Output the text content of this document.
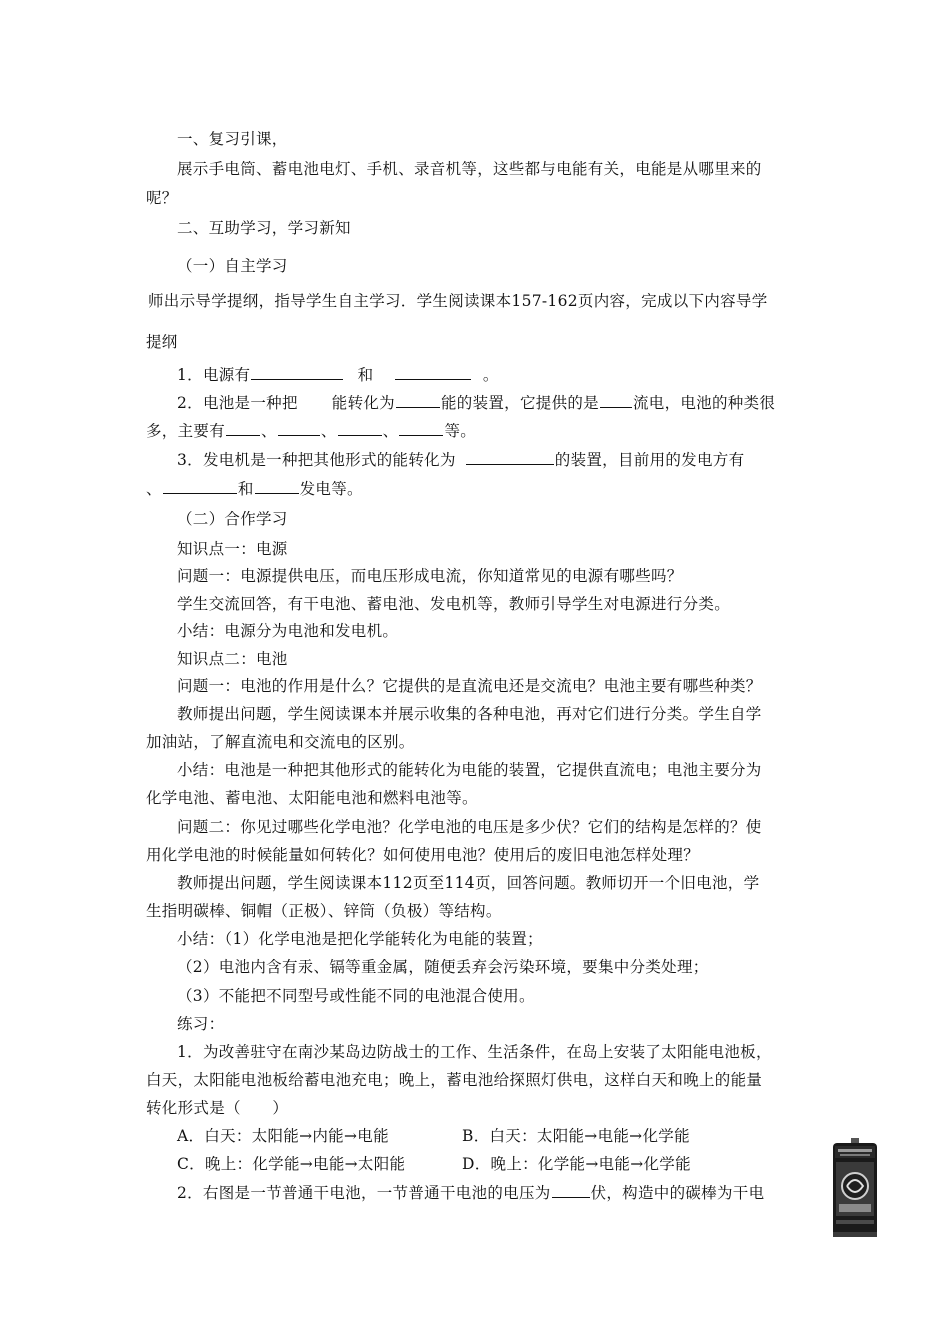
一、复习引课，
展示手电筒、蓄电池电灯、手机、录音机等，这些都与电能有关，电能是从哪里来的
呢？
二、互助学习，学习新知
（一）自主学习
师出示导学提纲，指导学生自主学习．学生阅读课本157-162页内容，完成以下内容导学
提纲
1．电源有	和	。
2．电池是一种把 能转化为	能的装置，它提供的是 流电，电池的种类很
多，主要有 、	、	、	等。
3．发电机是一种把其他形式的能转化为	的装置，目前用的发电方有
、	和	发电等。
（二）合作学习
知识点一：电源
问题一：电源提供电压，而电压形成电流，你知道常见的电源有哪些吗？
学生交流回答，有干电池、蓄电池、发电机等，教师引导学生对电源进行分类。
小结：电源分为电池和发电机。
知识点二：电池
问题一：电池的作用是什么？它提供的是直流电还是交流电？电池主要有哪些种类？
教师提出问题，学生阅读课本并展示收集的各种电池，再对它们进行分类。学生自学
加油站，了解直流电和交流电的区别。
小结：电池是一种把其他形式的能转化为电能的装置，它提供直流电；电池主要分为
化学电池、蓄电池、太阳能电池和燃料电池等。
问题二：你见过哪些化学电池？化学电池的电压是多少伏？它们的结构是怎样的？使
用化学电池的时候能量如何转化？如何使用电池？使用后的废旧电池怎样处理？
教师提出问题，学生阅读课本112页至114页，回答问题。教师切开一个旧电池，学
生指明碳棒、铜帽（正极）、锌筒（负极）等结构。
小结：（1）化学电池是把化学能转化为电能的装置；
（2）电池内含有汞、镉等重金属，随便丢弃会污染环境，要集中分类处理；
（3）不能把不同型号或性能不同的电池混合使用。
练习：
1．为改善驻守在南沙某岛边防战士的工作、生活条件，在岛上安装了太阳能电池板，
白天，太阳能电池板给蓄电池充电；晚上，蓄电池给探照灯供电，这样白天和晚上的能量
转化形式是（　　）
A．白天：太阳能→内能→电能	B．白天：太阳能→电能→化学能
C．晚上：化学能→电能→太阳能	D．晚上：化学能→电能→化学能
2．右图是一节普通干电池，一节普通干电池的电压为	伏，构造中的碳棒为干电
